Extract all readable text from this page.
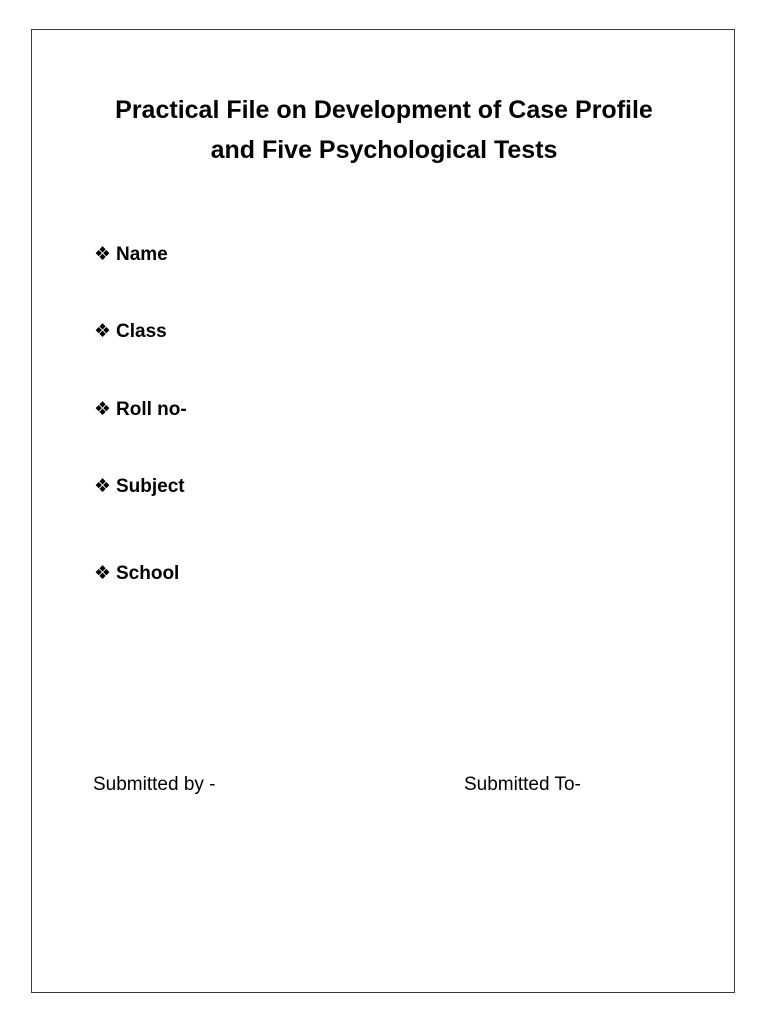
Practical File on Development of Case Profile
and Five Psychological Tests
❖ Name
❖ Class
❖ Roll no-
❖ Subject
❖ School
Submitted by -	Submitted To-
